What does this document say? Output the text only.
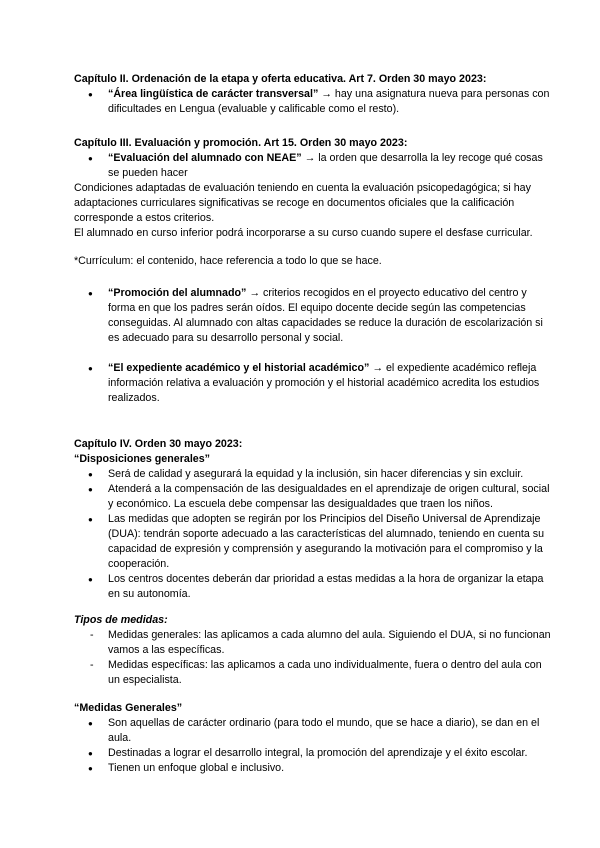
Capítulo II. Ordenación de la etapa y oferta educativa. Art 7. Orden 30 mayo 2023:

● “Área lingüística de carácter transversal” → hay una asignatura nueva para personas con dificultades en Lengua (evaluable y calificable como el resto).

Capítulo III. Evaluación y promoción. Art 15. Orden 30 mayo 2023:

● “Evaluación del alumnado con NEAE” → la orden que desarrolla la ley recoge qué cosas se pueden hacer

Condiciones adaptadas de evaluación teniendo en cuenta la evaluación psicopedagógica; si hay adaptaciones curriculares significativas se recoge en documentos oficiales que la calificación corresponde a estos criterios.

El alumnado en curso inferior podrá incorporarse a su curso cuando supere el desfase curricular.

*Currículum: el contenido, hace referencia a todo lo que se hace.

● “Promoción del alumnado” → criterios recogidos en el proyecto educativo del centro y forma en que los padres serán oídos. El equipo docente decide según las competencias conseguidas. Al alumnado con altas capacidades se reduce la duración de escolarización si es adecuado para su desarrollo personal y social.
● “El expediente académico y el historial académico” → el expediente académico refleja información relativa a evaluación y promoción y el historial académico acredita los estudios realizados.

Capítulo IV. Orden 30 mayo 2023:

“Disposiciones generales”

● Será de calidad y asegurará la equidad y la inclusión, sin hacer diferencias y sin excluir.
● Atenderá a la compensación de las desigualdades en el aprendizaje de origen cultural, social y económico. La escuela debe compensar las desigualdades que traen los niños.
● Las medidas que adopten se regirán por los Principios del Diseño Universal de Aprendizaje (DUA): tendrán soporte adecuado a las características del alumnado, teniendo en cuenta su capacidad de expresión y comprensión y asegurando la motivación para el compromiso y la cooperación.
● Los centros docentes deberán dar prioridad a estas medidas a la hora de organizar la etapa en su autonomía.

Tipos de medidas:

- Medidas generales: las aplicamos a cada alumno del aula. Siguiendo el DUA, si no funcionan vamos a las específicas.
- Medidas específicas: las aplicamos a cada uno individualmente, fuera o dentro del aula con un especialista.

“Medidas Generales”

● Son aquellas de carácter ordinario (para todo el mundo, que se hace a diario), se dan en el aula.
● Destinadas a lograr el desarrollo integral, la promoción del aprendizaje y el éxito escolar.
● Tienen un enfoque global e inclusivo.
